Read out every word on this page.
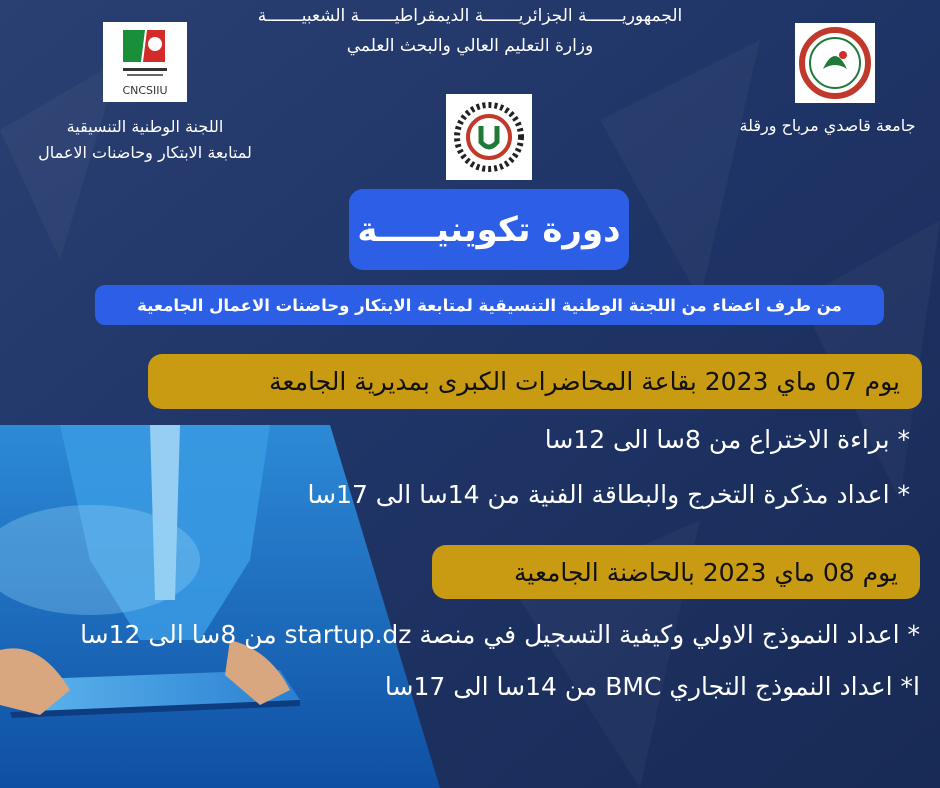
الجمهوريـــــــة الجزائريـــــــة الديمقراطيـــــــة الشعبيـــــــة
وزارة التعليم العالي والبحث العلمي
CNCSIIU
اللجنة الوطنية التنسيقية
لمتابعة الابتكار وحاضنات الاعمال
جامعة قاصدي مرباح ورقلة
دورة تكوينيـــــة
من طرف اعضاء من اللجنة الوطنية التنسيقية لمتابعة الابتكار وحاضنات الاعمال الجامعية
يوم 07 ماي 2023 بقاعة المحاضرات الكبرى بمديرية الجامعة
* براءة الاختراع من 8سا الى 12سا
* اعداد مذكرة التخرج والبطاقة الفنية من 14سا الى 17سا
يوم 08 ماي 2023 بالحاضنة الجامعية
* اعداد النموذج الاولي وكيفية التسجيل في منصة startup.dz من 8سا الى 12سا
ا* اعداد النموذج التجاري BMC من 14سا الى 17سا
